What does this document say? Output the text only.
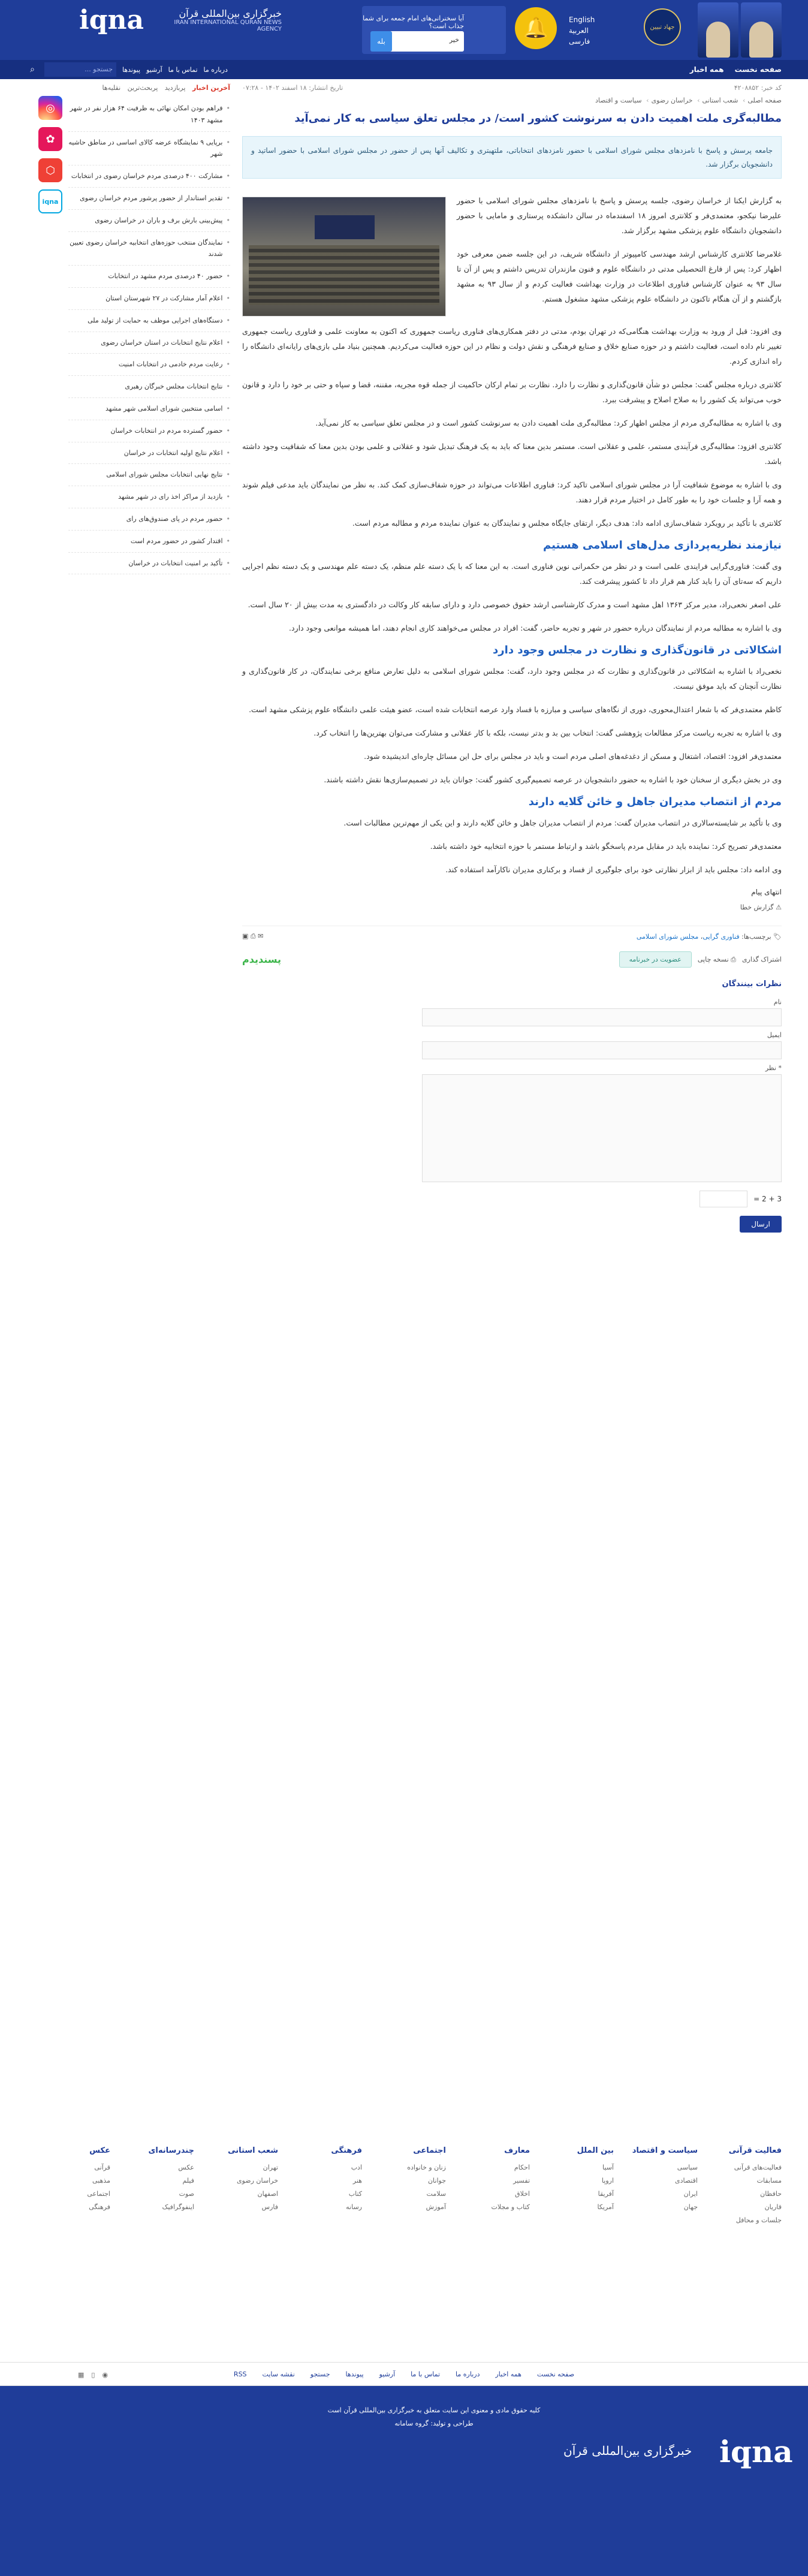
iqna	خبرگزاری بین‌المللی قرآن
IRAN INTERNATIONAL QURAN NEWS AGENCY
آیا سخنرانی‌های امام جمعه برای شما جذاب است؟
خیر
بله
🔔	English
العربية
فارسی
جهاد تبیین
صفحه نخست
همه اخبار
درباره ما
تماس با ما
آرشیو
پیوندها
جستجو ...
⌕
کد خبر: ۴۲۰۸۸۵۲
تاریخ انتشار: ۱۸ اسفند ۱۴۰۲ - ۰۷:۲۸
صفحه اصلی› شعب استانی› خراسان رضوی› سیاست و اقتصاد
مطالبه‌گری ملت اهمیت دادن به سرنوشت کشور است/ در مجلس تعلق سیاسی به کار نمی‌آید
جامعه پرسش و پاسخ با نامزدهای مجلس شورای اسلامی با حضور نامزدهای انتخاباتی، ملتهبتری و تکالیف آنها پس از حضور در مجلس شورای اسلامی با حضور اساتید و دانشجویان برگزار شد.

به گزارش ایکنا از خراسان رضوی، جلسه پرسش و پاسخ با نامزدهای مجلس شورای اسلامی با حضور علیرضا نیکجو، معتمدی‌فر و کلانتری امروز ۱۸ اسفندماه در سالن دانشکده پرستاری و مامایی با حضور دانشجویان دانشگاه علوم پزشکی مشهد برگزار شد.

غلامرضا کلانتری کارشناس ارشد مهندسی کامپیوتر از دانشگاه شریف، در این جلسه ضمن معرفی خود اظهار کرد: پس از فارغ التحصیلی مدتی در دانشگاه علوم و فنون مازندران تدریس داشتم و پس از آن تا سال ۹۳ به عنوان کارشناس فناوری اطلاعات در وزارت بهداشت فعالیت کردم و از سال ۹۳ به مشهد بازگشتم و از آن هنگام تاکنون در دانشگاه علوم پزشکی مشهد مشغول هستم.

وی افزود: قبل از ورود به وزارت بهداشت هنگامی‌که در تهران بودم، مدتی در دفتر همکاری‌های فناوری ریاست جمهوری که اکنون به معاونت علمی و فناوری ریاست جمهوری تغییر نام داده است، فعالیت داشتم و در حوزه صنایع خلاق و صنایع فرهنگی و نقش دولت و نظام در این حوزه فعالیت می‌کردیم. همچنین بنیاد ملی بازی‌های رایانه‌ای دانشگاه را راه اندازی کردم.

کلانتری درباره مجلس گفت: مجلس دو شأن قانون‌گذاری و نظارت را دارد. نظارت بر تمام ارکان حاکمیت از جمله قوه مجریه، مقننه، قضا و سپاه و حتی بر خود را دارد و قانون خوب می‌تواند یک کشور را به صلاح اصلاح و پیشرفت ببرد.

وی با اشاره به مطالبه‌گری مردم از مجلس اظهار کرد: مطالبه‌گری ملت اهمیت دادن به سرنوشت کشور است و در مجلس تعلق سیاسی به کار نمی‌آید.

کلانتری افزود: مطالبه‌گری فرآیندی مستمر، علمی و عقلانی است. مستمر بدین معنا که باید به یک فرهنگ تبدیل شود و عقلانی و علمی بودن بدین معنا که شفافیت وجود داشته باشد.

وی با اشاره به موضوع شفافیت آرا در مجلس شورای اسلامی تاکید کرد: فناوری اطلاعات می‌تواند در حوزه شفاف‌سازی کمک کند. به نظر من نمایندگان باید مدعی فیلم شوند و همه آرا و جلسات خود را به طور کامل در اختیار مردم قرار دهند.

کلانتری با تأکید بر رویکرد شفاف‌سازی ادامه داد: هدف دیگر، ارتقای جایگاه مجلس و نمایندگان به عنوان نماینده مردم و مطالبه مردم است.

نیازمند نظریه‌پردازی مدل‌های اسلامی هستیم

وی گفت: فناوری‌گرایی فرایندی علمی است و در نظر من حکمرانی نوین فناوری است. به این معنا که با یک دسته علم منظم، یک دسته علم مهندسی و یک دسته نظم اجرایی داریم که سه‌تای آن را باید کنار هم قرار داد تا کشور پیشرفت کند.

علی اصغر نخعی‌راد، مدیر مرکز ۱۳۶۳ اهل مشهد است و مدرک کارشناسی ارشد حقوق خصوصی دارد و دارای سابقه کار وکالت در دادگستری به مدت بیش از ۲۰ سال است.

وی با اشاره به مطالبه مردم از نمایندگان درباره حضور در شهر و تجربه حاضر، گفت: افراد در مجلس می‌خواهند کاری انجام دهند، اما همیشه موانعی وجود دارد.

اشکالاتی در قانون‌گذاری و نظارت در مجلس وجود دارد

نخعی‌راد با اشاره به اشکالاتی در قانون‌گذاری و نظارت که در مجلس وجود دارد، گفت: مجلس شورای اسلامی به دلیل تعارض منافع برخی نمایندگان، در کار قانون‌گذاری و نظارت آنچنان که باید موفق نیست.

کاظم معتمدی‌فر که با شعار اعتدال‌محوری، دوری از نگاه‌های سیاسی و مبارزه با فساد وارد عرصه انتخابات شده است، عضو هیئت علمی دانشگاه علوم پزشکی مشهد است.

وی با اشاره به تجربه ریاست مرکز مطالعات پژوهشی گفت: انتخاب بین بد و بدتر نیست، بلکه با کار عقلانی و مشارکت می‌توان بهترین‌ها را انتخاب کرد.

معتمدی‌فر افزود: اقتصاد، اشتغال و مسکن از دغدغه‌های اصلی مردم است و باید در مجلس برای حل این مسائل چاره‌ای اندیشیده شود.

وی در بخش دیگری از سخنان خود با اشاره به حضور دانشجویان در عرصه تصمیم‌گیری کشور گفت: جوانان باید در تصمیم‌سازی‌ها نقش داشته باشند.

مردم از انتصاب مدیران جاهل و خائن گلایه دارند

وی با تأکید بر شایسته‌سالاری در انتصاب مدیران گفت: مردم از انتصاب مدیران جاهل و خائن گلایه دارند و این یکی از مهم‌ترین مطالبات است.

معتمدی‌فر تصریح کرد: نماینده باید در مقابل مردم پاسخگو باشد و ارتباط مستمر با حوزه انتخابیه خود داشته باشد.

وی ادامه داد: مجلس باید از ابزار نظارتی خود برای جلوگیری از فساد و برکناری مدیران ناکارآمد استفاده کند.

انتهای پیام
⚠ گزارش خطا
🏷 برچسب‌ها: فناوری گرایی، مجلس شورای اسلامی
✉ ⎙ ▣
اشتراک گذاری
⎙ نسخه چاپی
عضویت در خبرنامه
پسندیدم
نظرات بینندگان
نام
ایمیل
* نظر
3 + 2 =
ارسال
◎
✿
⬡
iqna
آخرین اخبار پربازدید پربحث‌ترین نقلیه‌ها
•
فراهم بودن امکان نهائی به ظرفیت ۶۴ هزار نفر در شهر مشهد ۱۴۰۳
•
برپایی ۹ نمایشگاه عرضه کالای اساسی در مناطق حاشیه شهر
•
مشارکت ۴۰۰ درصدی مردم خراسان رضوی در انتخابات
•
تقدیر استاندار از حضور پرشور مردم خراسان رضوی
•
پیش‌بینی بارش برف و باران در خراسان رضوی
•
نمایندگان منتخب حوزه‌های انتخابیه خراسان رضوی تعیین شدند
•
حضور ۴۰ درصدی مردم مشهد در انتخابات
•
اعلام آمار مشارکت در ۲۷ شهرستان استان
•
دستگاه‌های اجرایی موظف به حمایت از تولید ملی
•
اعلام نتایج انتخابات در استان خراسان رضوی
•
رعایت مردم خادمی در انتخابات امنیت
•
نتایج انتخابات مجلس خبرگان رهبری
•
اسامی منتخبین شورای اسلامی شهر مشهد
•
حضور گسترده مردم در انتخابات خراسان
•
اعلام نتایج اولیه انتخابات در خراسان
•
نتایج نهایی انتخابات مجلس شورای اسلامی
•
بازدید از مراکز اخذ رای در شهر مشهد
•
حضور مردم در پای صندوق‌های رای
•
اقتدار کشور در حضور مردم است
•
تأکید بر امنیت انتخابات در خراسان
فعالیت قرآنی
فعالیت‌های قرآنی
مسابقات
حافظان
قاریان
جلسات و محافل
سیاست و اقتصاد
سیاسی
اقتصادی
ایران
جهان
بین الملل
آسیا
اروپا
آفریقا
آمریکا
معارف
احکام
تفسیر
اخلاق
کتاب و مجلات
اجتماعی
زنان و خانواده
جوانان
سلامت
آموزش
فرهنگی
ادب
هنر
کتاب
رسانه
شعب استانی
تهران
خراسان رضوی
اصفهان
فارس
چندرسانه‌ای
عکس
فیلم
صوت
اینفوگرافیک
عکس
قرآنی
مذهبی
اجتماعی
فرهنگی
صفحه نخست
همه اخبار
درباره ما
تماس با ما
آرشیو
پیوندها
جستجو
نقشه سایت
RSS
◉
▯
▦
کلیه حقوق مادی و معنوی این سایت متعلق به خبرگزاری بین‌المللی قرآن است
طراحی و تولید: گروه سامانه
خبرگزاری بین‌المللی قرآن iqna
